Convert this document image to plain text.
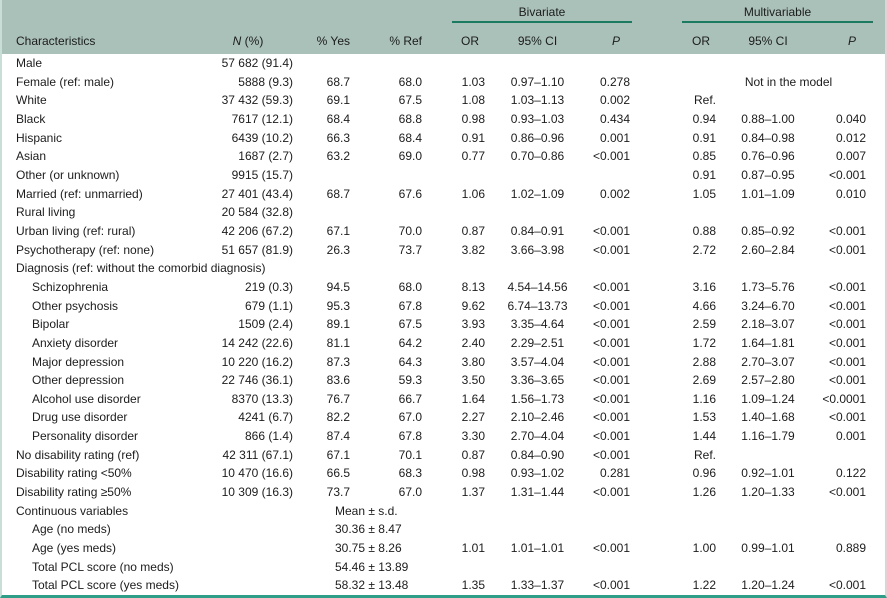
				Bivariate			Multivariable		

Characteristics	N (%)	% Yes	% Ref	OR	95% CI	P	OR	95% CI	P
Male	57 682 (91.4)								
Female (ref: male)	5888 (9.3)	68.7	68.0	1.03	0.97–1.10	0.278	Not in the model		
White	37 432 (59.3)	69.1	67.5	1.08	1.03–1.13	0.002	Ref.		
Black	7617 (12.1)	68.4	68.8	0.98	0.93–1.03	0.434	0.94	0.88–1.00	0.040
Hispanic	6439 (10.2)	66.3	68.4	0.91	0.86–0.96	0.001	0.91	0.84–0.98	0.012
Asian	1687 (2.7)	63.2	69.0	0.77	0.70–0.86	<0.001	0.85	0.76–0.96	0.007
Other (or unknown)	9915 (15.7)						0.91	0.87–0.95	<0.001
Married (ref: unmarried)	27 401 (43.4)	68.7	67.6	1.06	1.02–1.09	0.002	1.05	1.01–1.09	0.010
Rural living	20 584 (32.8)								
Urban living (ref: rural)	42 206 (67.2)	67.1	70.0	0.87	0.84–0.91	<0.001	0.88	0.85–0.92	<0.001
Psychotherapy (ref: none)	51 657 (81.9)	26.3	73.7	3.82	3.66–3.98	<0.001	2.72	2.60–2.84	<0.001
Diagnosis (ref: without the comorbid diagnosis)									
Schizophrenia	219 (0.3)	94.5	68.0	8.13	4.54–14.56	<0.001	3.16	1.73–5.76	<0.001
Other psychosis	679 (1.1)	95.3	67.8	9.62	6.74–13.73	<0.001	4.66	3.24–6.70	<0.001
Bipolar	1509 (2.4)	89.1	67.5	3.93	3.35–4.64	<0.001	2.59	2.18–3.07	<0.001
Anxiety disorder	14 242 (22.6)	81.1	64.2	2.40	2.29–2.51	<0.001	1.72	1.64–1.81	<0.001
Major depression	10 220 (16.2)	87.3	64.3	3.80	3.57–4.04	<0.001	2.88	2.70–3.07	<0.001
Other depression	22 746 (36.1)	83.6	59.3	3.50	3.36–3.65	<0.001	2.69	2.57–2.80	<0.001
Alcohol use disorder	8370 (13.3)	76.7	66.7	1.64	1.56–1.73	<0.001	1.16	1.09–1.24	<0.0001
Drug use disorder	4241 (6.7)	82.2	67.0	2.27	2.10–2.46	<0.001	1.53	1.40–1.68	<0.001
Personality disorder	866 (1.4)	87.4	67.8	3.30	2.70–4.04	<0.001	1.44	1.16–1.79	0.001
No disability rating (ref)	42 311 (67.1)	67.1	70.1	0.87	0.84–0.90	<0.001	Ref.		
Disability rating <50%	10 470 (16.6)	66.5	68.3	0.98	0.93–1.02	0.281	0.96	0.92–1.01	0.122
Disability rating ≥50%	10 309 (16.3)	73.7	67.0	1.37	1.31–1.44	<0.001	1.26	1.20–1.33	<0.001
Continuous variables		Mean ± s.d.							
Age (no meds)		30.36 ± 8.47							
Age (yes meds)		30.75 ± 8.26		1.01	1.01–1.01	<0.001	1.00	0.99–1.01	0.889
Total PCL score (no meds)		54.46 ± 13.89							
Total PCL score (yes meds)		58.32 ± 13.48		1.35	1.33–1.37	<0.001	1.22	1.20–1.24	<0.001
